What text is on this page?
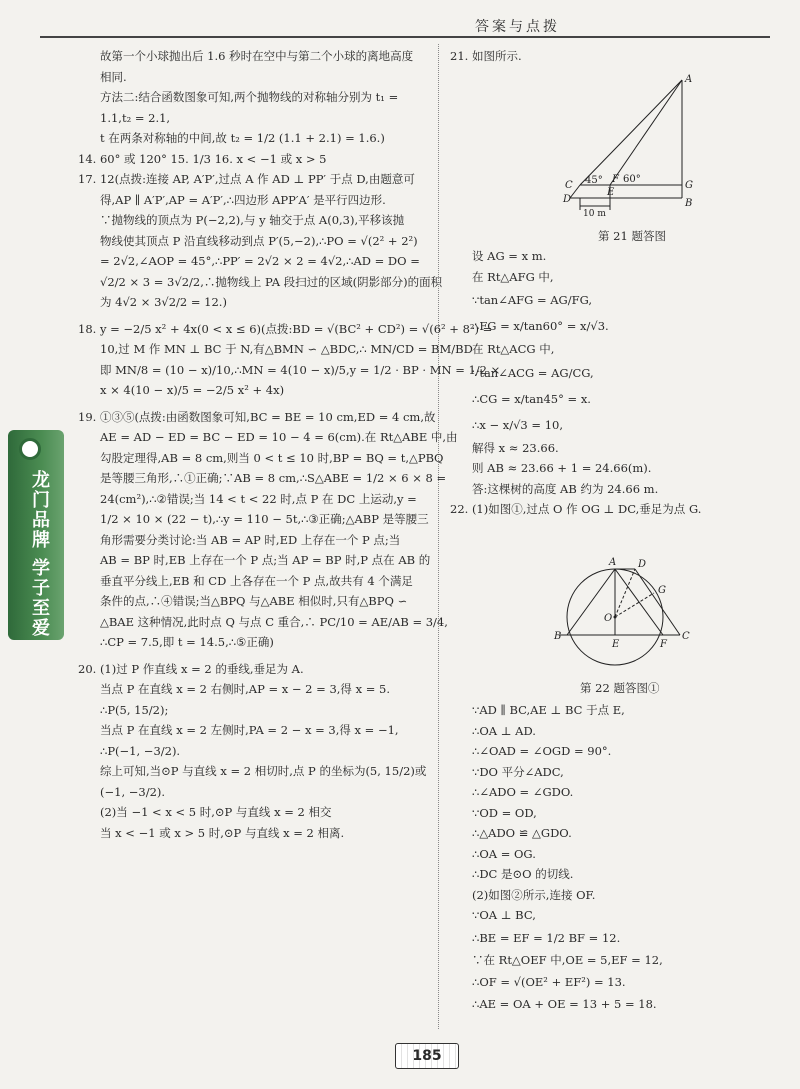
答案与点拨
龙门品牌 学子至爱
故第一个小球抛出后 1.6 秒时在空中与第二个小球的离地高度
相同.
方法二:结合函数图象可知,两个抛物线的对称轴分别为 t₁ =
1.1,t₂ = 2.1,
t 在两条对称轴的中间,故 t₂ = 1/2 (1.1 + 2.1) = 1.6.)
14. 60° 或 120° 15. 1/3 16. x < −1 或 x > 5
17. 12(点拨:连接 AP, A′P′,过点 A 作 AD ⊥ PP′ 于点 D,由题意可
得,AP ∥ A′P′,AP = A′P′,∴四边形 APP′A′ 是平行四边形.
∵抛物线的顶点为 P(−2,2),与 y 轴交于点 A(0,3),平移该抛
物线使其顶点 P 沿直线移动到点 P′(5,−2),∴PO = √(2² + 2²)
= 2√2,∠AOP = 45°,∴PP′ = 2√2 × 2 = 4√2,∴AD = DO =
√2/2 × 3 = 3√2/2,∴抛物线上 PA 段扫过的区域(阴影部分)的面积
为 4√2 × 3√2/2 = 12.)
18. y = −2/5 x² + 4x(0 < x ≤ 6)(点拨:BD = √(BC² + CD²) = √(6² + 8²) =
10,过 M 作 MN ⊥ BC 于 N,有△BMN ∽ △BDC,∴ MN/CD = BM/BD
即 MN/8 = (10 − x)/10,∴MN = 4(10 − x)/5,y = 1/2 · BP · MN = 1/2 ×
x × 4(10 − x)/5 = −2/5 x² + 4x)
19. ①③⑤(点拨:由函数图象可知,BC = BE = 10 cm,ED = 4 cm,故
AE = AD − ED = BC − ED = 10 − 4 = 6(cm).在 Rt△ABE 中,由
勾股定理得,AB = 8 cm,则当 0 < t ≤ 10 时,BP = BQ = t,△PBQ
是等腰三角形,∴①正确;∵AB = 8 cm,∴S△ABE = 1/2 × 6 × 8 =
24(cm²),∴②错误;当 14 < t < 22 时,点 P 在 DC 上运动,y =
1/2 × 10 × (22 − t),∴y = 110 − 5t,∴③正确;△ABP 是等腰三
角形需要分类讨论:当 AB = AP 时,ED 上存在一个 P 点;当
AB = BP 时,EB 上存在一个 P 点;当 AP = BP 时,P 点在 AB 的
垂直平分线上,EB 和 CD 上各存在一个 P 点,故共有 4 个满足
条件的点,∴④错误;当△BPQ 与△ABE 相似时,只有△BPQ ∽
△BAE 这种情况,此时点 Q 与点 C 重合,∴ PC/10 = AE/AB = 3/4,
∴CP = 7.5,即 t = 14.5,∴⑤正确)
20. (1)过 P 作直线 x = 2 的垂线,垂足为 A.
当点 P 在直线 x = 2 右侧时,AP = x − 2 = 3,得 x = 5.
∴P(5, 15/2);
当点 P 在直线 x = 2 左侧时,PA = 2 − x = 3,得 x = −1,
∴P(−1, −3/2).
综上可知,当⊙P 与直线 x = 2 相切时,点 P 的坐标为(5, 15/2)或
(−1, −3/2).
(2)当 −1 < x < 5 时,⊙P 与直线 x = 2 相交
当 x < −1 或 x > 5 时,⊙P 与直线 x = 2 相离.
21. 如图所示.
A
C 45° F 60°
G
D
E
B
10 m
第 21 题答图
设 AG = x m.
在 Rt△AFG 中,
∵tan∠AFG = AG/FG,
∴FG = x/tan60° = x/√3.
在 Rt△ACG 中,
∵tan∠ACG = AG/CG,
∴CG = x/tan45° = x.
∴x − x/√3 = 10,
解得 x ≈ 23.66.
则 AB ≈ 23.66 + 1 = 24.66(m).
答:这棵树的高度 AB 约为 24.66 m.
22. (1)如图①,过点 O 作 OG ⊥ DC,垂足为点 G.
A D
G
O
B
E	F
C
第 22 题答图①
∵AD ∥ BC,AE ⊥ BC 于点 E,
∴OA ⊥ AD.
∴∠OAD = ∠OGD = 90°.
∵DO 平分∠ADC,
∴∠ADO = ∠GDO.
∵OD = OD,
∴△ADO ≌ △GDO.
∴OA = OG.
∴DC 是⊙O 的切线.
(2)如图②所示,连接 OF.
∵OA ⊥ BC,
∴BE = EF = 1/2 BF = 12.
∵在 Rt△OEF 中,OE = 5,EF = 12,
∴OF = √(OE² + EF²) = 13.
∴AE = OA + OE = 13 + 5 = 18.
185
